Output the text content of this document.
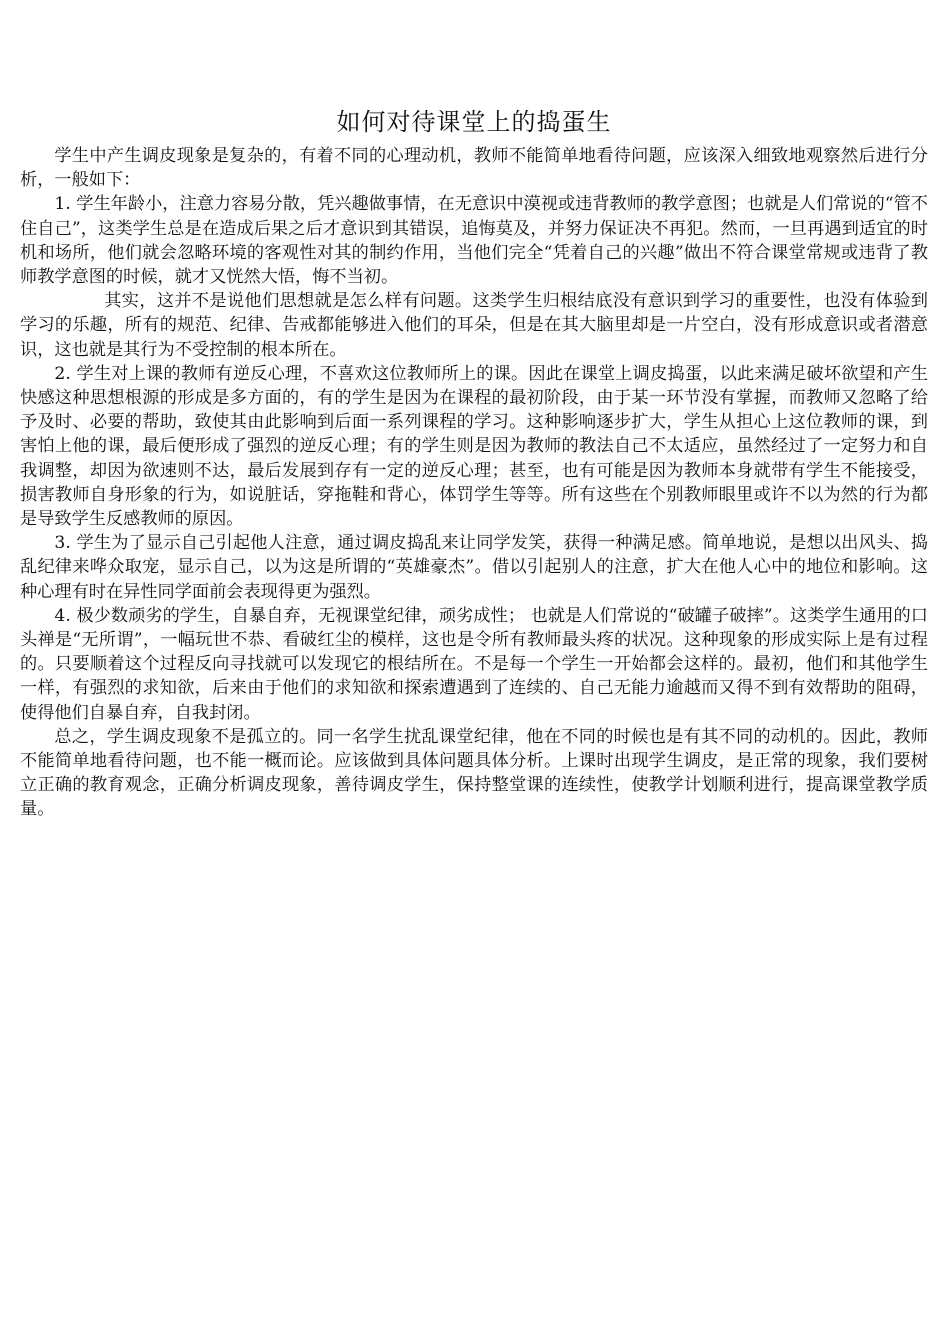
如何对待课堂上的捣蛋生

学生中产生调皮现象是复杂的，有着不同的心理动机，教师不能简单地看待问题，应该深入细致地观察然后进行分析，一般如下：

1. 学生年龄小，注意力容易分散，凭兴趣做事情，在无意识中漠视或违背教师的教学意图；也就是人们常说的“管不住自己”，这类学生总是在造成后果之后才意识到其错误，追悔莫及，并努力保证决不再犯。然而，一旦再遇到适宜的时机和场所，他们就会忽略环境的客观性对其的制约作用，当他们完全“凭着自己的兴趣”做出不符合课堂常规或违背了教师教学意图的时候，就才又恍然大悟，悔不当初。

其实，这并不是说他们思想就是怎么样有问题。这类学生归根结底没有意识到学习的重要性，也没有体验到学习的乐趣，所有的规范、纪律、告戒都能够进入他们的耳朵，但是在其大脑里却是一片空白，没有形成意识或者潜意识，这也就是其行为不受控制的根本所在。

2. 学生对上课的教师有逆反心理，不喜欢这位教师所上的课。因此在课堂上调皮捣蛋，以此来满足破坏欲望和产生快感这种思想根源的形成是多方面的，有的学生是因为在课程的最初阶段，由于某一环节没有掌握，而教师又忽略了给予及时、必要的帮助，致使其由此影响到后面一系列课程的学习。这种影响逐步扩大，学生从担心上这位教师的课，到害怕上他的课，最后便形成了强烈的逆反心理；有的学生则是因为教师的教法自己不太适应，虽然经过了一定努力和自我调整，却因为欲速则不达，最后发展到存有一定的逆反心理；甚至，也有可能是因为教师本身就带有学生不能接受，损害教师自身形象的行为，如说脏话，穿拖鞋和背心，体罚学生等等。所有这些在个别教师眼里或许不以为然的行为都是导致学生反感教师的原因。

3. 学生为了显示自己引起他人注意，通过调皮捣乱来让同学发笑，获得一种满足感。简单地说，是想以出风头、捣乱纪律来哗众取宠，显示自己，以为这是所谓的“英雄豪杰”。借以引起别人的注意，扩大在他人心中的地位和影响。这种心理有时在异性同学面前会表现得更为强烈。

4. 极少数顽劣的学生，自暴自弃，无视课堂纪律，顽劣成性； 也就是人们常说的“破罐子破摔”。这类学生通用的口头禅是“无所谓”，一幅玩世不恭、看破红尘的模样，这也是令所有教师最头疼的状况。这种现象的形成实际上是有过程的。只要顺着这个过程反向寻找就可以发现它的根结所在。不是每一个学生一开始都会这样的。最初，他们和其他学生一样，有强烈的求知欲，后来由于他们的求知欲和探索遭遇到了连续的、自己无能力逾越而又得不到有效帮助的阻碍，使得他们自暴自弃，自我封闭。

总之，学生调皮现象不是孤立的。同一名学生扰乱课堂纪律，他在不同的时候也是有其不同的动机的。因此，教师不能简单地看待问题，也不能一概而论。应该做到具体问题具体分析。上课时出现学生调皮，是正常的现象，我们要树立正确的教育观念，正确分析调皮现象，善待调皮学生，保持整堂课的连续性，使教学计划顺利进行，提高课堂教学质量。
